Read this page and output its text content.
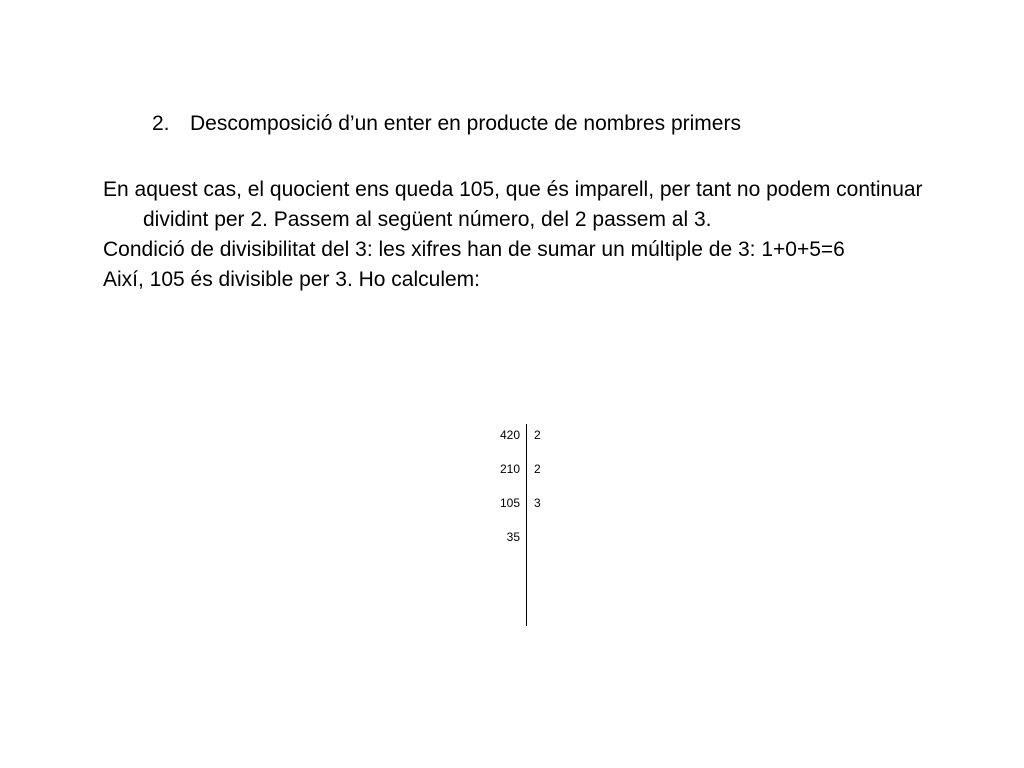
2. Descomposició d’un enter en producte de nombres primers

En aquest cas, el quocient ens queda 105, que és imparell, per tant no podem continuar dividint per 2. Passem al següent número, del 2 passem al 3.

Condició de divisibilitat del 3: les xifres han de sumar un múltiple de 3: 1+0+5=6

Així, 105 és divisible per 3. Ho calculem:

420
210
105
35
2
2
3
